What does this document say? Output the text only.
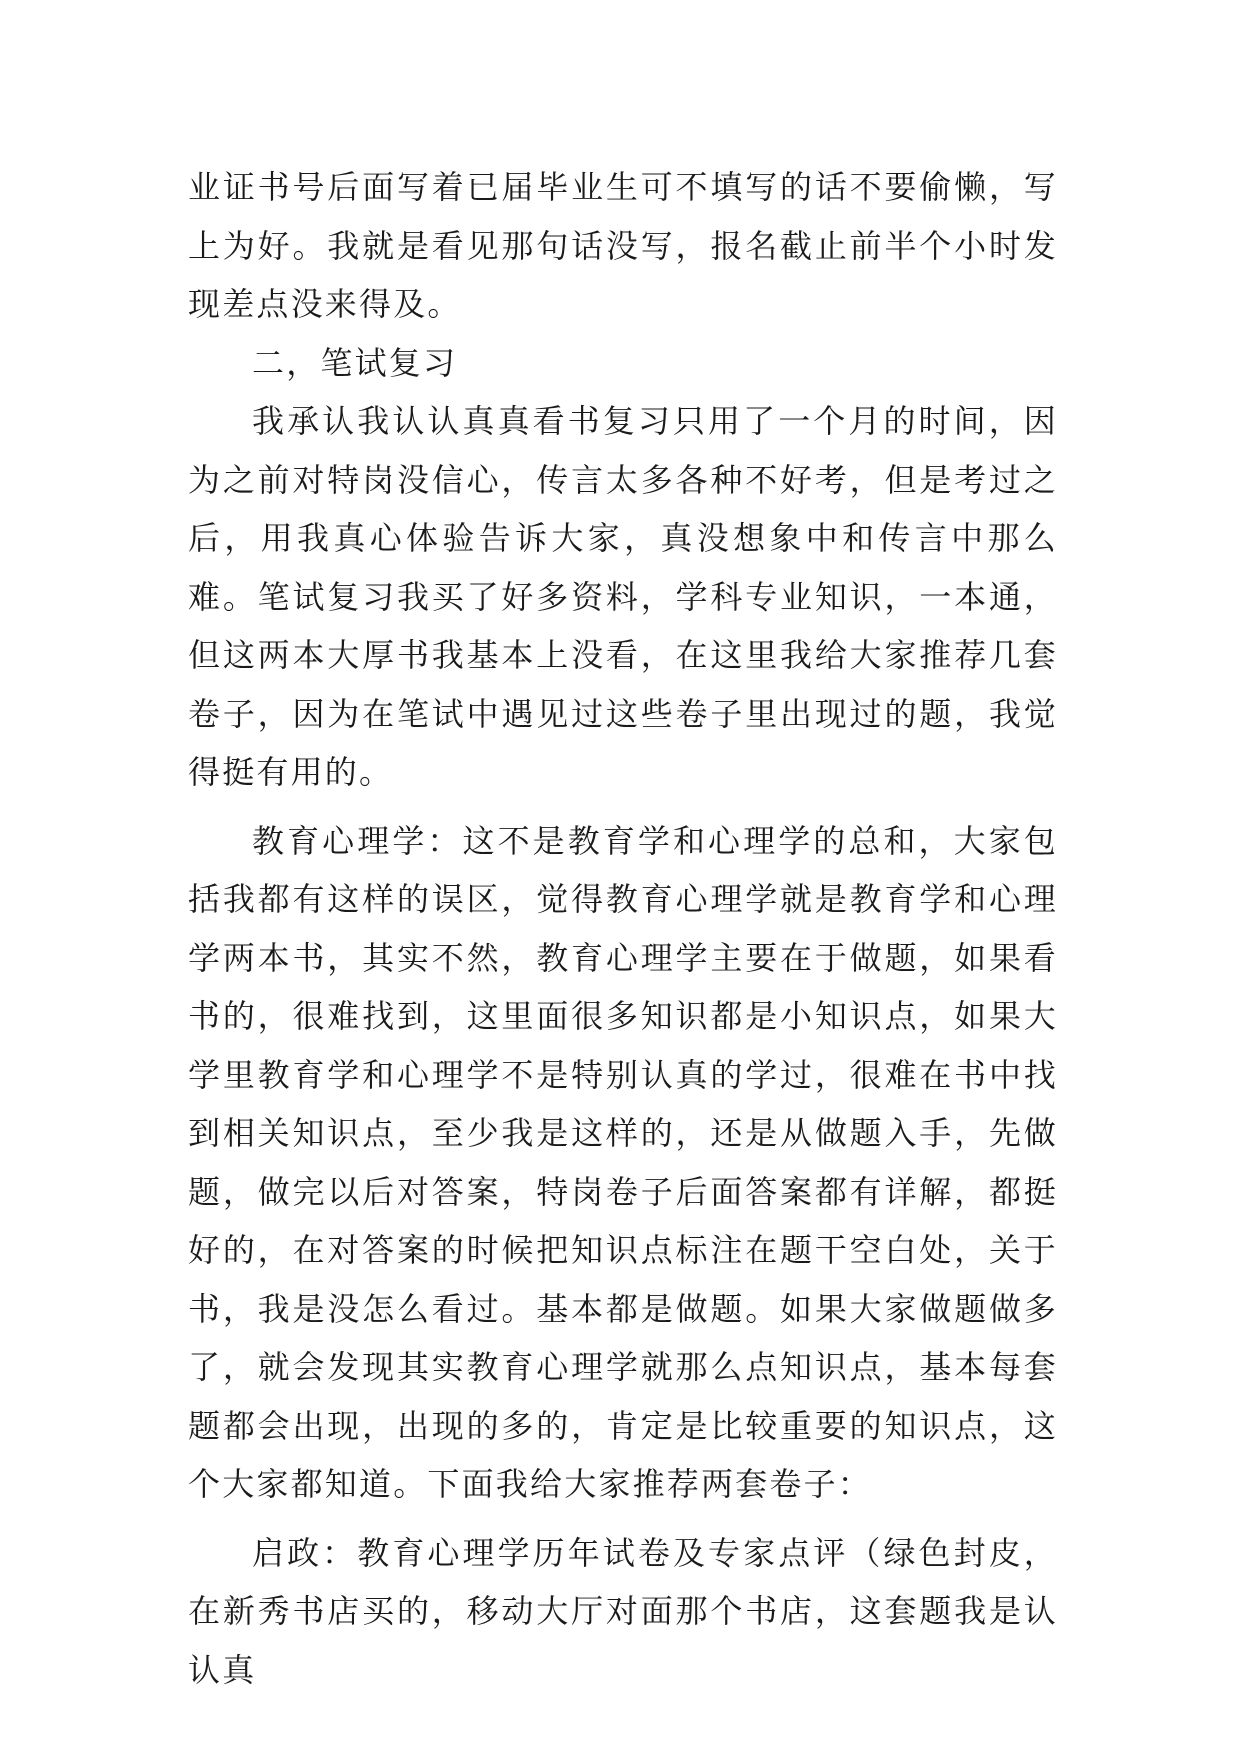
业证书号后面写着已届毕业生可不填写的话不要偷懒，写上为好。我就是看见那句话没写，报名截止前半个小时发现差点没来得及。

二，笔试复习

我承认我认认真真看书复习只用了一个月的时间，因为之前对特岗没信心，传言太多各种不好考，但是考过之后，用我真心体验告诉大家，真没想象中和传言中那么难。笔试复习我买了好多资料，学科专业知识，一本通，但这两本大厚书我基本上没看，在这里我给大家推荐几套卷子，因为在笔试中遇见过这些卷子里出现过的题，我觉得挺有用的。

教育心理学：这不是教育学和心理学的总和，大家包括我都有这样的误区，觉得教育心理学就是教育学和心理学两本书，其实不然，教育心理学主要在于做题，如果看书的，很难找到，这里面很多知识都是小知识点，如果大学里教育学和心理学不是特别认真的学过，很难在书中找到相关知识点，至少我是这样的，还是从做题入手，先做题，做完以后对答案，特岗卷子后面答案都有详解，都挺好的，在对答案的时候把知识点标注在题干空白处，关于书，我是没怎么看过。基本都是做题。如果大家做题做多了，就会发现其实教育心理学就那么点知识点，基本每套题都会出现，出现的多的，肯定是比较重要的知识点，这个大家都知道。下面我给大家推荐两套卷子：

启政：教育心理学历年试卷及专家点评（绿色封皮，在新秀书店买的，移动大厅对面那个书店，这套题我是认认真
